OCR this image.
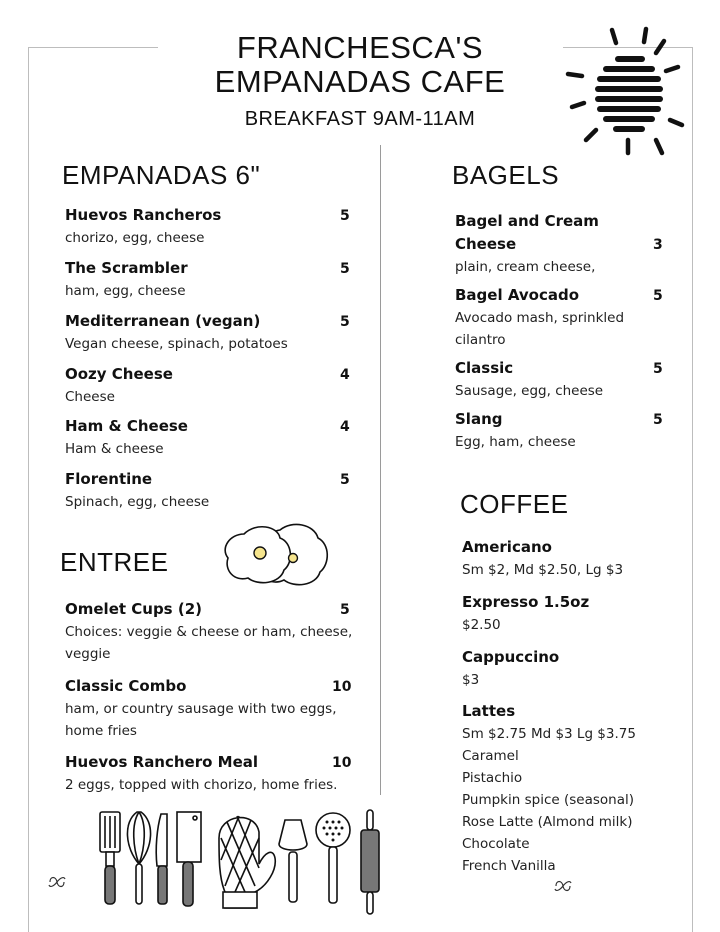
FRANCHESCA'S
EMPANADAS CAFE
BREAKFAST 9AM-11AM
EMPANADAS 6"
Huevos Rancheros
chorizo, egg, cheese
5
The Scrambler
ham, egg, cheese
5
Mediterranean (vegan)
Vegan cheese, spinach, potatoes
5
Oozy Cheese
Cheese
4
Ham & Cheese
Ham & cheese
4
Florentine
Spinach, egg, cheese
5
ENTREE
Omelet Cups (2)
Choices: veggie & cheese or ham, cheese,
veggie
5
Classic Combo
ham, or country sausage with two eggs,
home fries
10
Huevos Ranchero Meal
2 eggs, topped with chorizo, home fries.
10
BAGELS
Bagel and Cream
Cheese
plain, cream cheese,
3
Bagel Avocado
Avocado mash, sprinkled
cilantro
5
Classic
Sausage, egg, cheese
5
Slang
Egg, ham, cheese
5
COFFEE
Americano
Sm $2, Md $2.50, Lg $3
Expresso 1.5oz
$2.50
Cappuccino
$3
Lattes
Sm $2.75 Md $3 Lg $3.75
Caramel
Pistachio
Pumpkin spice (seasonal)
Rose Latte (Almond milk)
Chocolate
French Vanilla
